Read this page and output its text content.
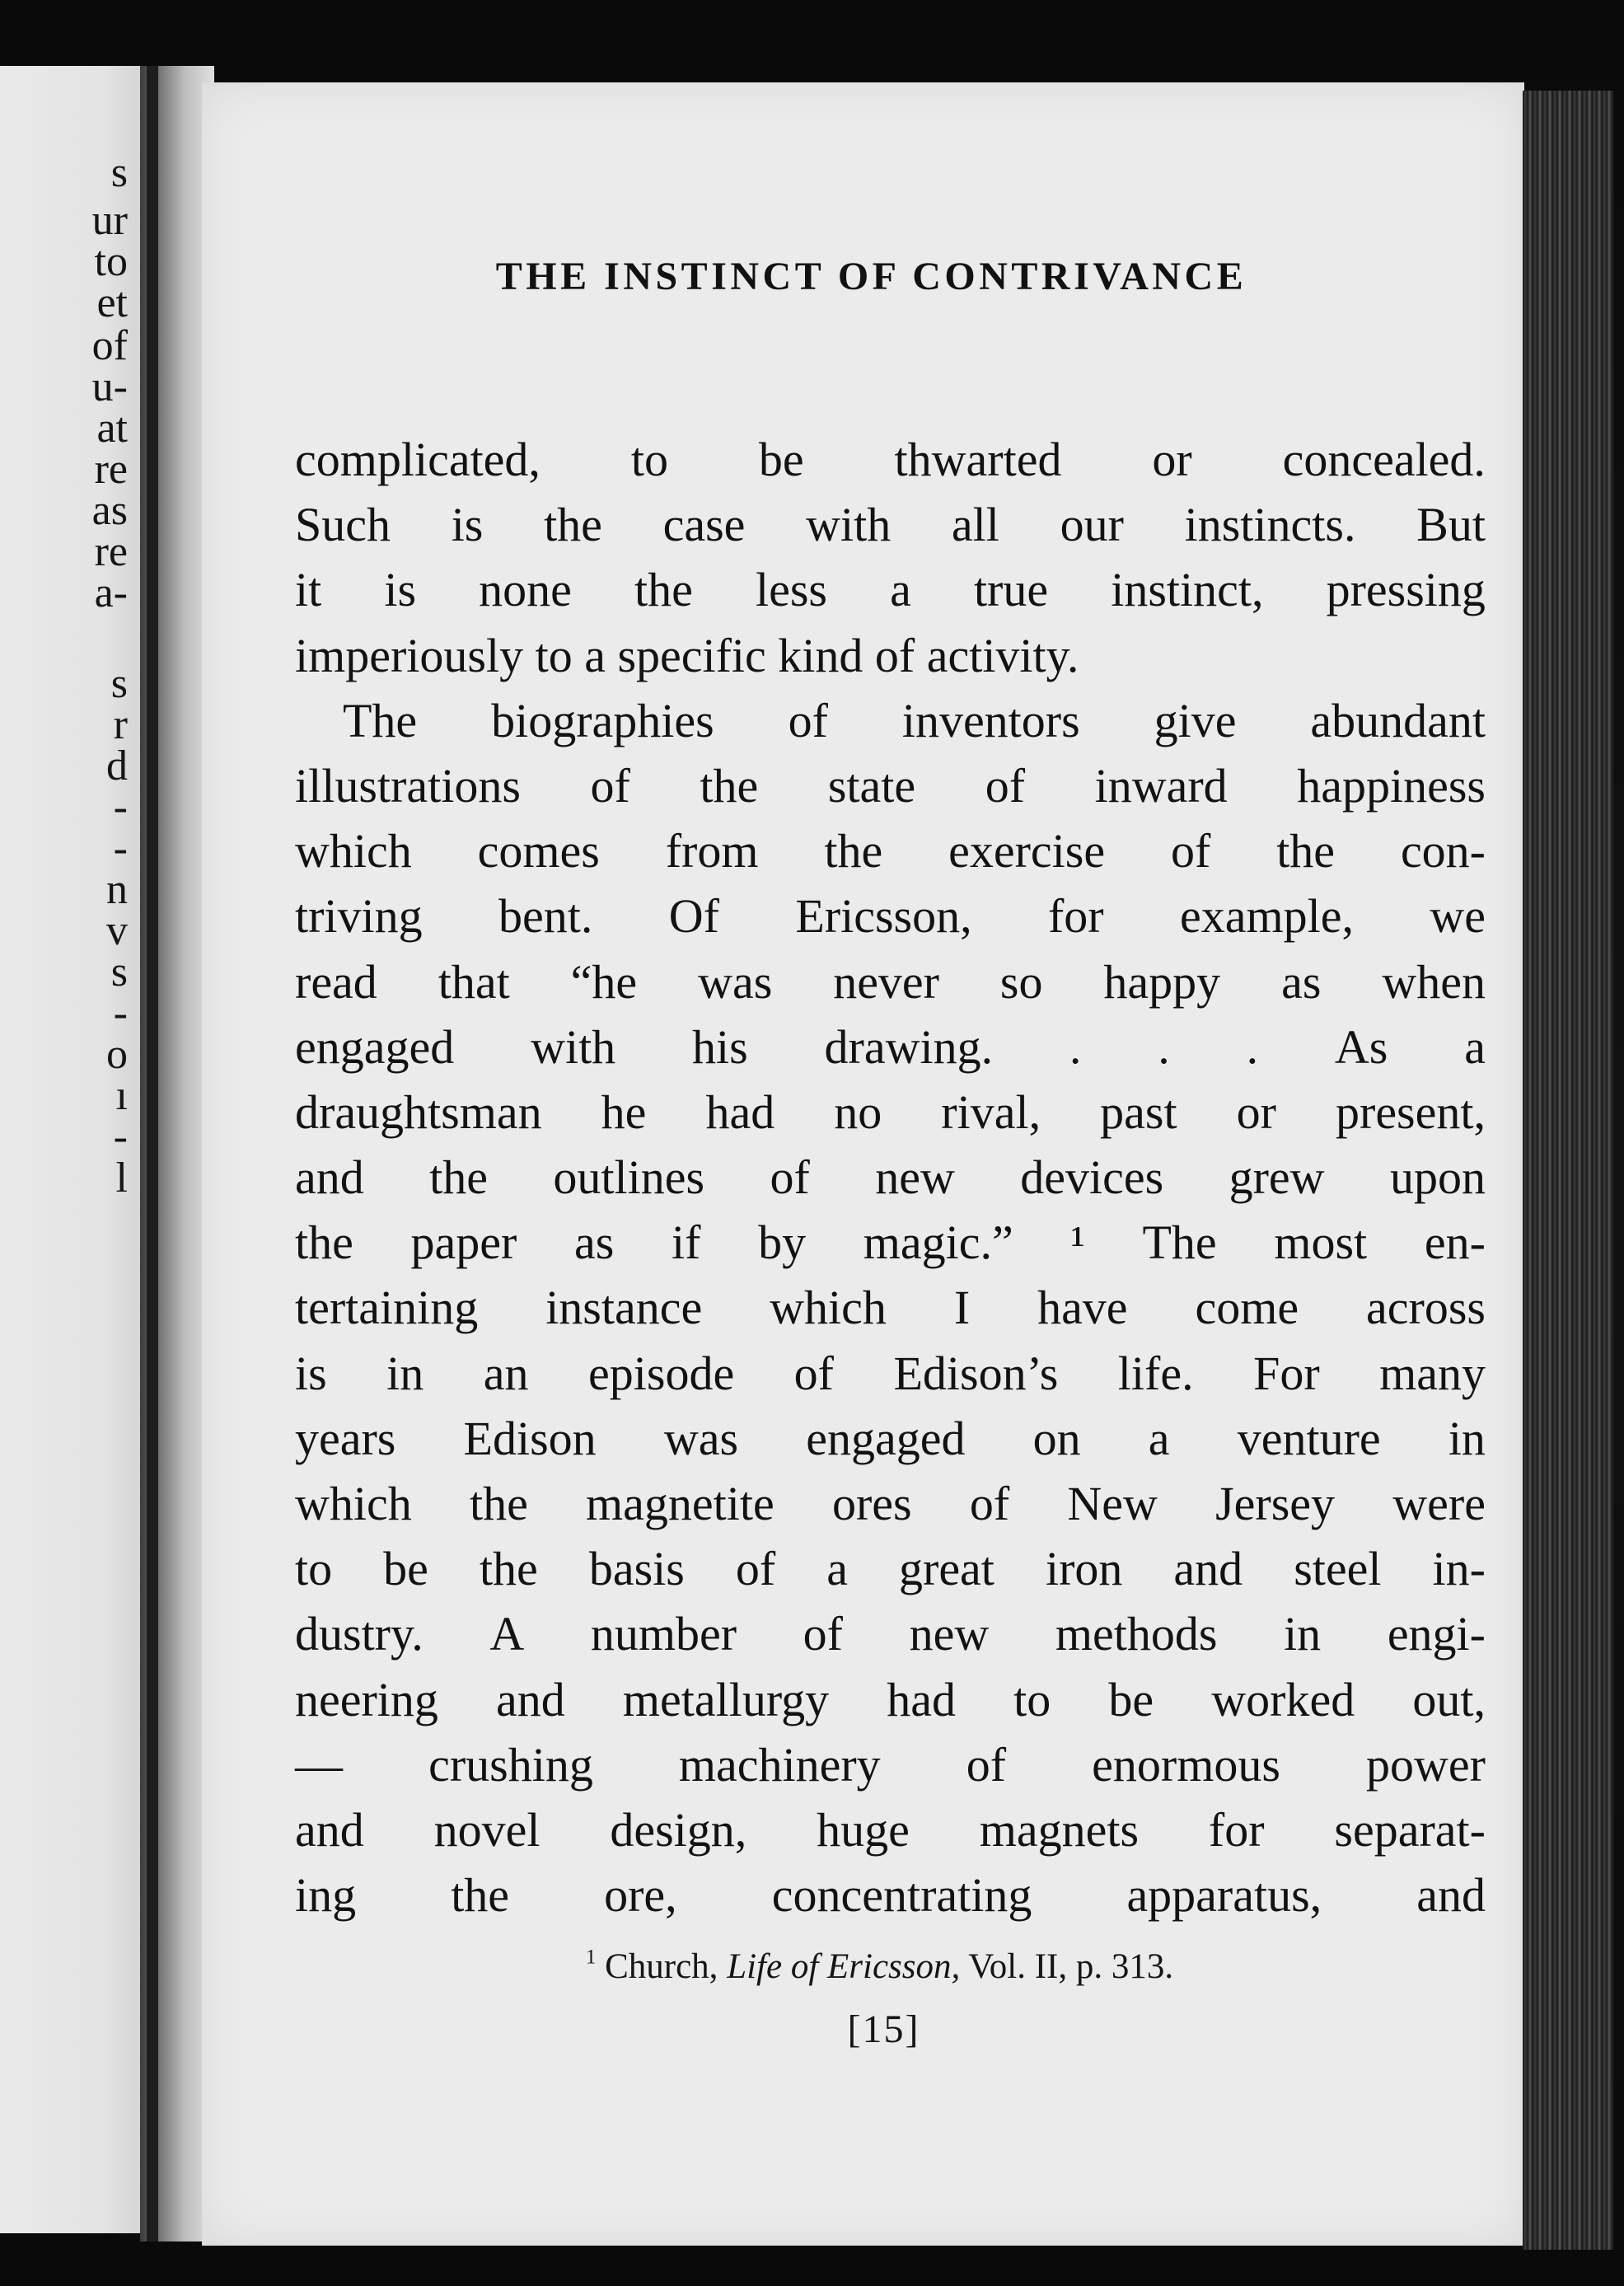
s
ur
to
et
of
u-
at
re
as
re
a-
s
r
d
-
-
n
v
s
-
o
ı
-
l
THE INSTINCT OF CONTRIVANCE
complicated, to be thwarted or concealed.
Such is the case with all our instincts. But
it is none the less a true instinct, pressing
imperiously to a specific kind of activity.
The biographies of inventors give abundant
illustrations of the state of inward happiness
which comes from the exercise of the con-
triving bent. Of Ericsson, for example, we
read that “he was never so happy as when
engaged with his drawing. . . . As a
draughtsman he had no rival, past or present,
and the outlines of new devices grew upon
the paper as if by magic.” ¹ The most en-
tertaining instance which I have come across
is in an episode of Edison’s life. For many
years Edison was engaged on a venture in
which the magnetite ores of New Jersey were
to be the basis of a great iron and steel in-
dustry. A number of new methods in engi-
neering and metallurgy had to be worked out,
— crushing machinery of enormous power
and novel design, huge magnets for separat-
ing the ore, concentrating apparatus, and

$^1$ Church, Life of Ericsson, Vol. II, p. 313.

[15]
